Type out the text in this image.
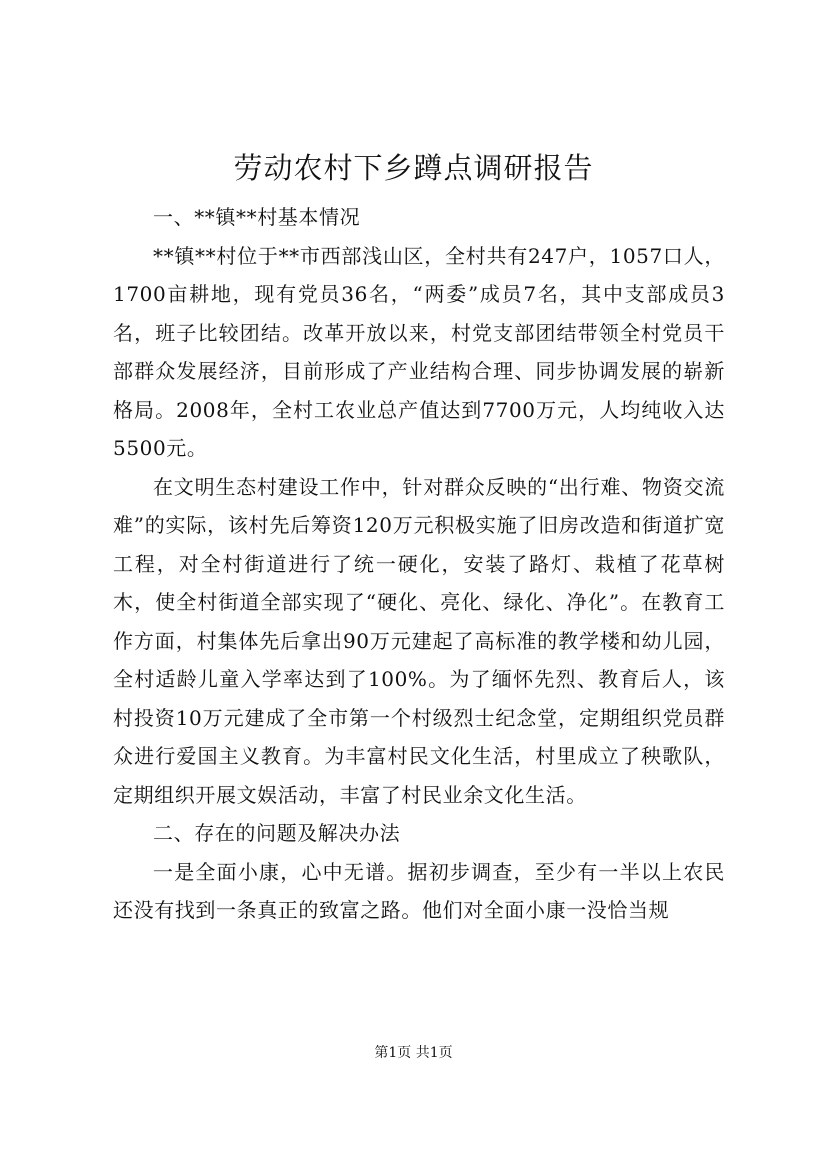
劳动农村下乡蹲点调研报告

一、**镇**村基本情况

**镇**村位于**市西部浅山区，全村共有247户，1057口人，1700亩耕地，现有党员36名，“两委”成员7名，其中支部成员3名，班子比较团结。改革开放以来，村党支部团结带领全村党员干部群众发展经济，目前形成了产业结构合理、同步协调发展的崭新格局。2008年，全村工农业总产值达到7700万元，人均纯收入达5500元。

在文明生态村建设工作中，针对群众反映的“出行难、物资交流难”的实际，该村先后筹资120万元积极实施了旧房改造和街道扩宽工程，对全村街道进行了统一硬化，安装了路灯、栽植了花草树木，使全村街道全部实现了“硬化、亮化、绿化、净化”。在教育工作方面，村集体先后拿出90万元建起了高标准的教学楼和幼儿园，全村适龄儿童入学率达到了100%。为了缅怀先烈、教育后人，该村投资10万元建成了全市第一个村级烈士纪念堂，定期组织党员群众进行爱国主义教育。为丰富村民文化生活，村里成立了秧歌队，定期组织开展文娱活动，丰富了村民业余文化生活。

二、存在的问题及解决办法

一是全面小康，心中无谱。据初步调查，至少有一半以上农民还没有找到一条真正的致富之路。他们对全面小康一没恰当规

第1页 共1页
